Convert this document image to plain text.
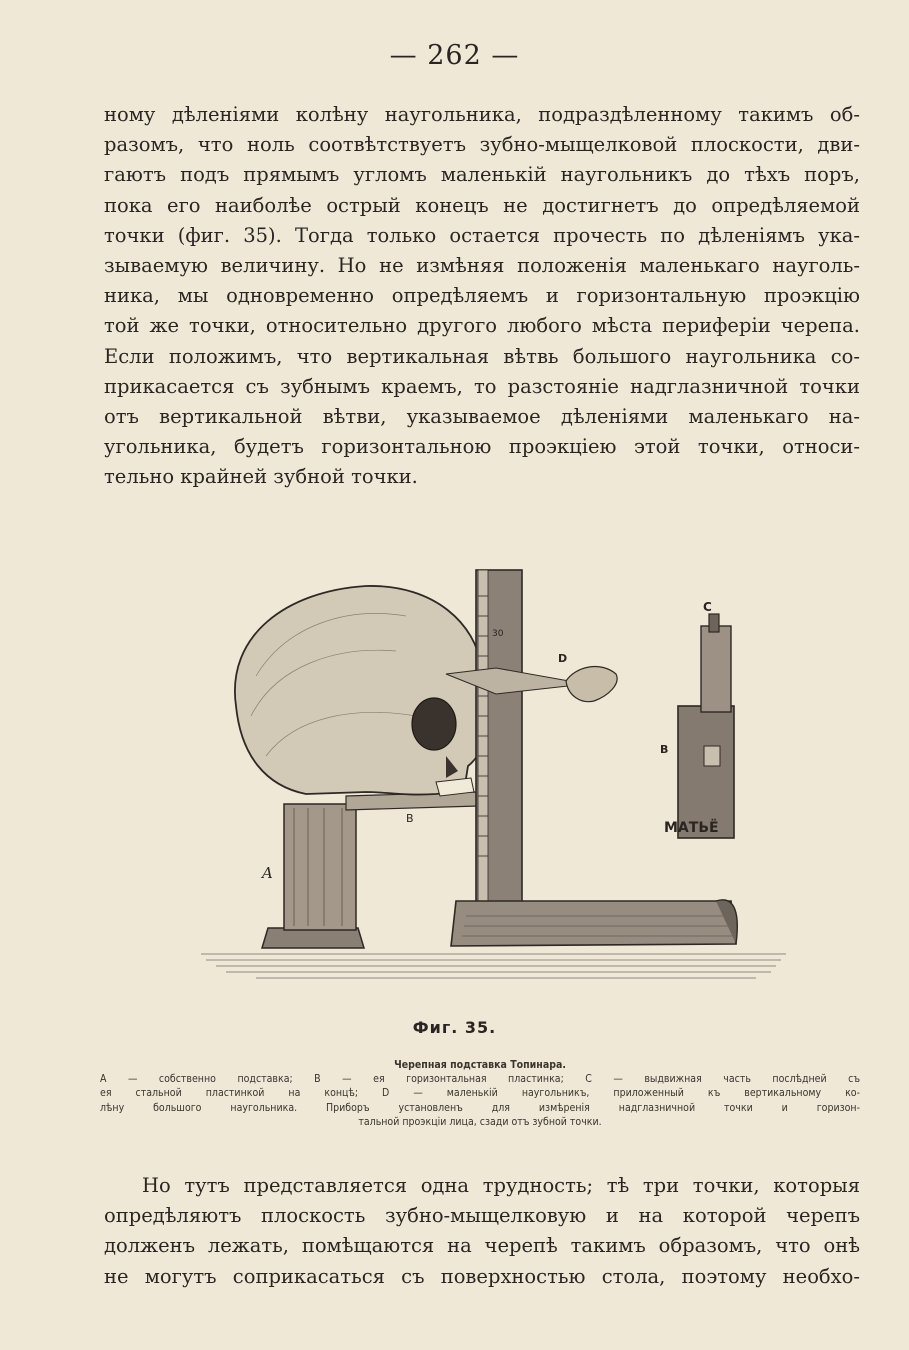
— 262 —
ному дѣленіями колѣну наугольника, подраздѣленному такимъ об-
разомъ, что ноль соотвѣтствуетъ зубно-мыщелковой плоскости, дви-
гаютъ подъ прямымъ угломъ маленькій наугольникъ до тѣхъ поръ,
пока его наиболѣе острый конецъ не достигнетъ до опредѣляемой
точки (фиг. 35). Тогда только остается прочесть по дѣленіямъ ука-
зываемую величину. Но не измѣняя положенія маленькаго науголь-
ника, мы одновременно опредѣляемъ и горизонтальную проэкцію
той же точки, относительно другого любого мѣста периферіи черепа.
Если положимъ, что вертикальная вѣтвь большого наугольника со-
прикасается съ зубнымъ краемъ, то разстояніе надглазничной точки
отъ вертикальной вѣтви, указываемое дѣленіями маленькаго на-
угольника, будетъ горизонтальною проэкціею этой точки, относи-
тельно крайней зубной точки.
A
B
C
D
B
30
МАТЬЁ
Фиг. 35.
Черепная подставка Топинара.
A — собственно подставка; B — ея горизонтальная пластинка; C — выдвижная часть послѣдней съ
ея стальной пластинкой на концѣ; D — маленькій наугольникъ, приложенный къ вертикальному ко-
лѣну большого наугольника. Приборъ установленъ для измѣренія надглазничной точки и горизон-
тальной проэкціи лица, сзади отъ зубной точки.
Но тутъ представляется одна трудность; тѣ три точки, которыя
опредѣляютъ плоскость зубно-мыщелковую и на которой черепъ
долженъ лежать, помѣщаются на черепѣ такимъ образомъ, что онѣ
не могутъ соприкасаться съ поверхностью стола, поэтому необхо-
